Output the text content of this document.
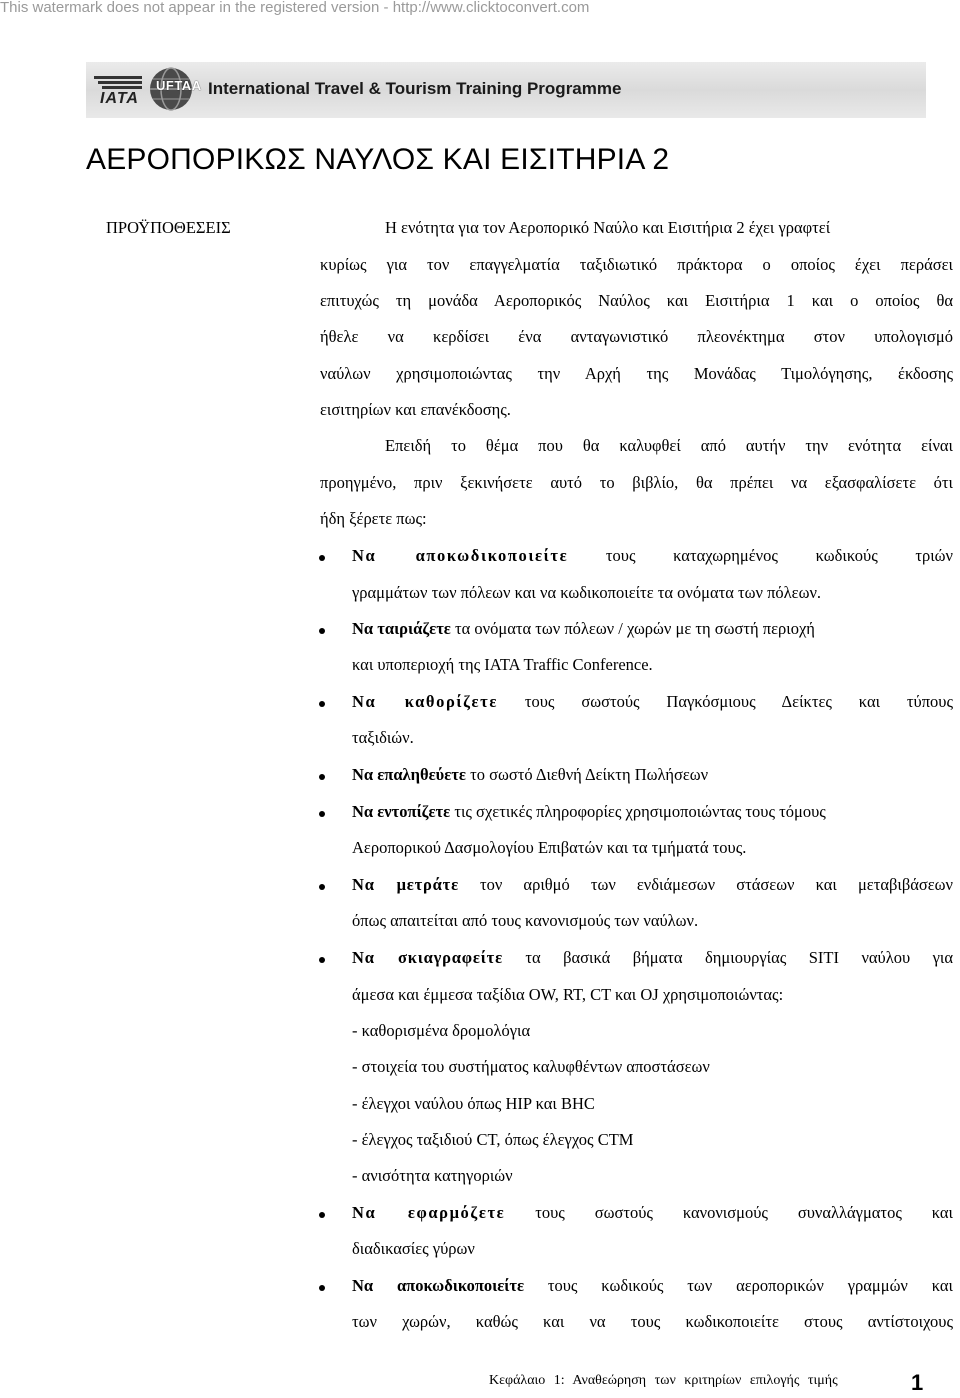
This watermark does not appear in the registered version - http://www.clicktoconvert.com
IATA
UFTAA International Travel & Tourism Training Programme
ΑΕΡΟΠΟΡΙΚΩΣ ΝΑΥΛΟΣ ΚΑΙ ΕΙΣΙΤΗΡΙΑ 2
ΠΡΟΫΠΟΘΕΣΕΙΣ	Η ενότητα για τον Αεροπορικό Ναύλο και Εισιτήρια 2 έχει γραφτεί
κυρίως για τον επαγγελματία ταξιδιωτικό πράκτορα ο οποίος έχει περάσει
επιτυχώς τη μονάδα Αεροπορικός Ναύλος και Εισιτήρια 1 και ο οποίος θα
ήθελε να κερδίσει ένα ανταγωνιστικό πλεονέκτημα στον υπολογισμό
ναύλων χρησιμοποιώντας την Αρχή της Μονάδας Τιμολόγησης, έκδοσης
εισιτηρίων και επανέκδοσης.
Επειδή το θέμα που θα καλυφθεί από αυτήν την ενότητα είναι
προηγμένο, πριν ξεκινήσετε αυτό το βιβλίο, θα πρέπει να εξασφαλίσετε ότι
ήδη ξέρετε πως:
Να αποκωδικοποιείτε τους καταχωρημένος κωδικούς τριών
γραμμάτων των πόλεων και να κωδικοποιείτε τα ονόματα των πόλεων.
Να ταιριάζετε τα ονόματα των πόλεων / χωρών με τη σωστή περιοχή
και υποπεριοχή της IATA Traffic Conference.
Να καθορίζετε τους σωστούς Παγκόσμιους Δείκτες και τύπους
ταξιδιών.
Να επαληθεύετε το σωστό Διεθνή Δείκτη Πωλήσεων
Να εντοπίζετε τις σχετικές πληροφορίες χρησιμοποιώντας τους τόμους
Αεροπορικού Δασμολογίου Επιβατών και τα τμήματά τους.
Να μετράτε τον αριθμό των ενδιάμεσων στάσεων και μεταβιβάσεων
όπως απαιτείται από τους κανονισμούς των ναύλων.
Να σκιαγραφείτε τα βασικά βήματα δημιουργίας SITI ναύλου για
άμεσα και έμμεσα ταξίδια OW, RT, CT και OJ χρησιμοποιώντας:
- καθορισμένα δρομολόγια
- στοιχεία του συστήματος καλυφθέντων αποστάσεων
- έλεγχοι ναύλου όπως HIP και BHC
- έλεγχος ταξιδιού CT, όπως έλεγχος CTM
- ανισότητα κατηγοριών
Να εφαρμόζετε τους σωστούς κανονισμούς συναλλάγματος και
διαδικασίες γύρων
Να αποκωδικοποιείτε τους κωδικούς των αεροπορικών γραμμών και
των χωρών, καθώς και να τους κωδικοποιείτε στους αντίστοιχους
Κεφάλαιο 1: Αναθεώρηση των κριτηρίων επιλογής τιμής	1
